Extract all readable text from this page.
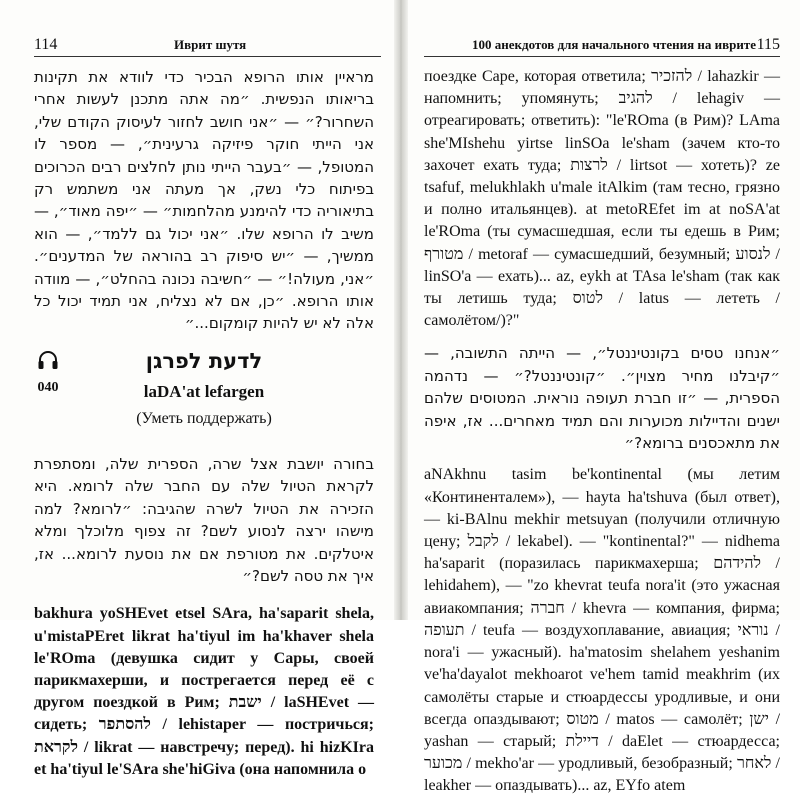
114	Иврит шутя

מראיין אותו הרופא הבכיר כדי לוודא את תקינות בריאותו הנפשית. ״מה אתה מתכנן לעשות אחרי השחרור?״ — ״אני חושב לחזור לעיסוק הקודם שלי, אני הייתי חוקר פיזיקה גרעינית״, — מספר לו המטופל, — ״בעבר הייתי נותן לחלצים רבים הכרוכים בפיתוח כלי נשק, אך מעתה אני משתמש רק בתיאוריה כדי להימנע מהלחמות״ — ״יפה מאוד״, — משיב לו הרופא שלו. ״אני יכול גם ללמד״, — הוא ממשיך, — ״יש סיפוק רב בהוראה של המדענים״. ״אני, מעולה!״ — ״חשיבה נכונה בהחלט״, — מוודה אותו הרופא. ״כן, אם לא נצליח, אני תמיד יכול כל אלה לא יש להיות קומקום...״

040

לדעת לפרגן

laDA'at lefargen

(Уметь поддержать)

בחורה יושבת אצל שרה, הספרית שלה, ומסתפרת לקראת הטיול שלה עם החבר שלה לרומא. היא הזכירה את הטיול לשרה שהגיבה: ״לרומא? למה מישהו ירצה לנסוע לשם? זה צפוף מלוכלך ומלא איטלקים. את מטורפת אם את נוסעת לרומא... אז, איך את טסה לשם?״

bakhura yoSHEvet etsel SAra, ha'saparit shela, u'mistaPEret likrat ha'tiyul im ha'khaver shela le'ROma (девушка сидит у Сары, своей парикмахерши, и пострегается перед её с другом поездкой в Рим; ישבת / laSHEvet — сидеть; להסתפר / lehistaper — постричься; לקראת / likrat — навстречу; перед). hi hizKIra et ha'tiyul le'SAra she'hiGiva (она напомнила о

100 анекдотов для начального чтения на иврите 115

поездке Саре, которая ответила; להזכיר / lahazkir — напомнить; упомянуть; להגיב / lehagiv — отреагировать; ответить): "le'ROma (в Рим)? LAma she'MIshehu yirtse linSOa le'sham (зачем кто-то захочет ехать туда; לרצות / lirtsot — хотеть)? ze tsafuf, melukhlakh u'male itAlkim (там тесно, грязно и полно итальянцев). at metoREfet im at noSA'at le'ROma (ты сумасшедшая, если ты едешь в Рим; מטורף / metoraf — сумасшедший, безумный; לנסוע / linSO'a — ехать)... az, eykh at TAsa le'sham (так как ты летишь туда; לטוס / latus — лететь /самолётом/)?"

״אנחנו טסים בקונטיננטל״, — הייתה התשובה, — ״קיבלנו מחיר מצוין״. ״קונטיננטל?״ — נדהמה הספרית, — ״זו חברת תעופה נוראית. המטוסים שלהם ישנים והדיילות מכוערות והם תמיד מאחרים... אז, איפה את מתאכסנים ברומא?״

aNAkhnu tasim be'kontinental (мы летим «Континенталем»), — hayta ha'tshuva (был ответ), — ki-BAlnu mekhir metsuyan (получили отличную цену; לקבל / lekabel). — "kontinental?" — nidhema ha'saparit (поразилась парикмахерша; להידהם / lehidahem), — "zo khevrat teufa nora'it (это ужасная авиакомпания; חברה / khevra — компания, фирма; תעופה / teufa — воздухоплавание, авиация; נוראי / nora'i — ужасный). ha'matosim shelahem yeshanim ve'ha'dayalot mekhoarot ve'hem tamid meakhrim (их самолёты старые и стюардессы уродливые, и они всегда опаздывают; מטוס / matos — самолёт; ישן / yashan — старый; דיילת / daElet — стюардесса; מכוער / mekho'ar — уродливый, безобразный; לאחר / leakher — опаздывать)... az, EYfo atem
